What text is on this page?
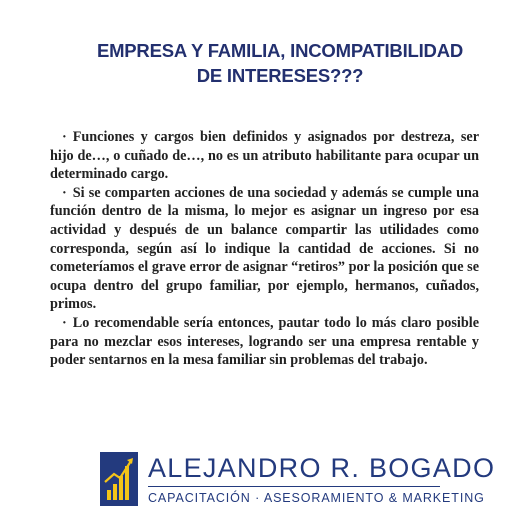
EMPRESA Y FAMILIA, INCOMPATIBILIDAD
DE INTERESES???

· Funciones y cargos bien definidos y asignados por destreza, ser hijo de…, o cuñado de…, no es un atributo habilitante para ocupar un determinado cargo.

· Si se comparten acciones de una sociedad y además se cumple una función dentro de la misma, lo mejor es asignar un ingreso por esa actividad y después de un balance compartir las utilidades como corresponda, según así lo indique la cantidad de acciones. Si no cometeríamos el grave error de asignar “retiros” por la posición que se ocupa dentro del grupo familiar, por ejemplo, hermanos, cuñados, primos.

· Lo recomendable sería entonces, pautar todo lo más claro posible para no mezclar esos intereses, logrando ser una empresa rentable y poder sentarnos en la mesa familiar sin problemas del trabajo.

ALEJANDRO R. BOGADO
CAPACITACIÓN · ASESORAMIENTO & MARKETING
